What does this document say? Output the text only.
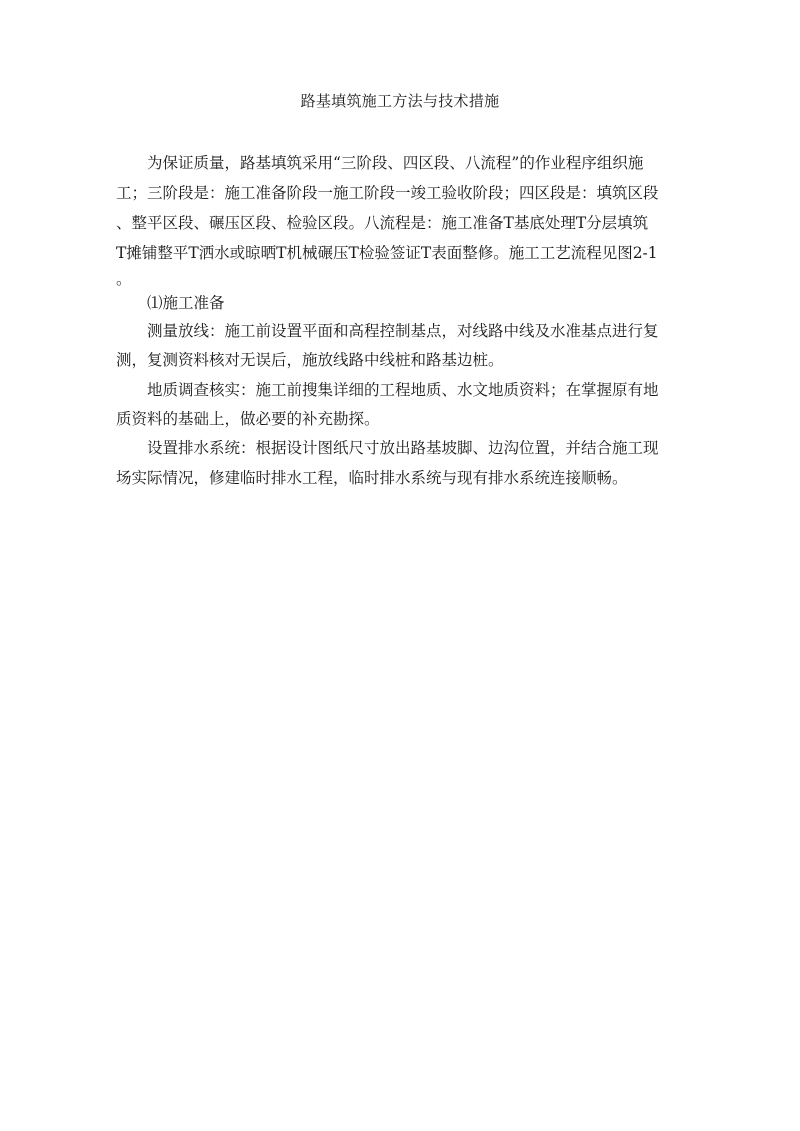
路基填筑施工方法与技术措施
为保证质量，路基填筑采用“三阶段、四区段、八流程”的作业程序组织施
工；三阶段是：施工准备阶段一施工阶段一竣工验收阶段；四区段是：填筑区段
、整平区段、碾压区段、检验区段。八流程是：施工准备T基底处理T分层填筑
T摊铺整平T洒水或晾晒T机械碾压T检验签证T表面整修。施工工艺流程见图2-1
。
⑴施工准备
测量放线：施工前设置平面和高程控制基点，对线路中线及水准基点进行复
测，复测资料核对无误后，施放线路中线桩和路基边桩。
地质调查核实：施工前搜集详细的工程地质、水文地质资料；在掌握原有地
质资料的基础上，做必要的补充勘探。
设置排水系统：根据设计图纸尺寸放出路基坡脚、边沟位置，并结合施工现
场实际情况，修建临时排水工程，临时排水系统与现有排水系统连接顺畅。
